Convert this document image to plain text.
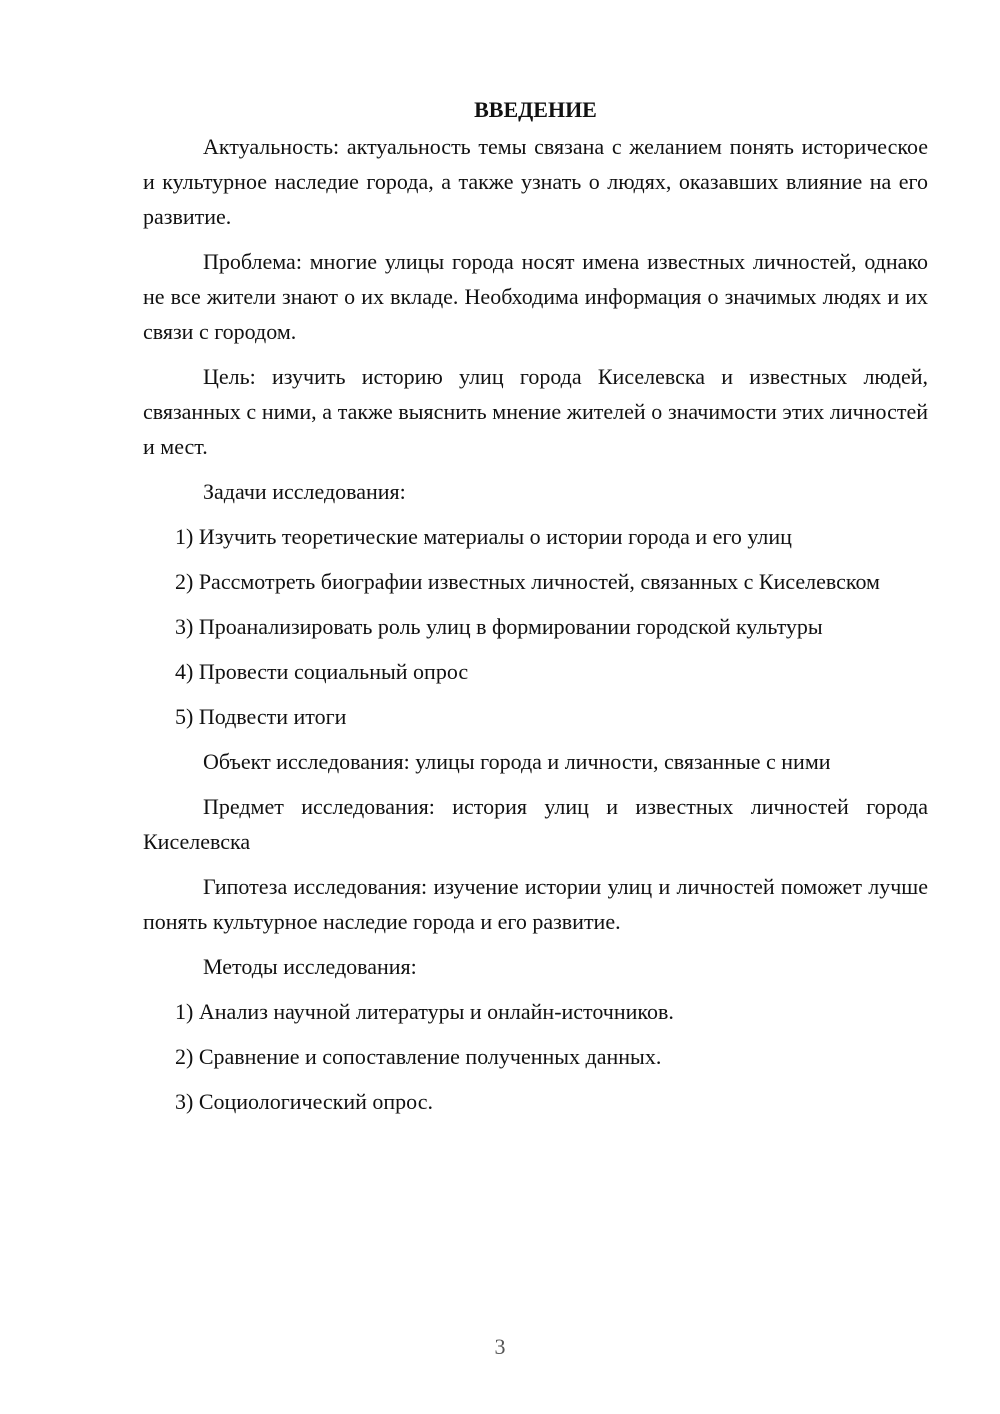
ВВЕДЕНИЕ
Актуальность: актуальность темы связана с желанием понять историческое и культурное наследие города, а также узнать о людях, оказавших влияние на его развитие.
Проблема: многие улицы города носят имена известных личностей, однако не все жители знают о их вкладе. Необходима информация о значимых людях и их связи с городом.
Цель: изучить историю улиц города Киселевска и известных людей, связанных с ними, а также выяснить мнение жителей о значимости этих личностей и мест.
Задачи исследования:
1) Изучить теоретические материалы о истории города и его улиц
2) Рассмотреть биографии известных личностей, связанных с Киселевском
3) Проанализировать роль улиц в формировании городской культуры
4) Провести социальный опрос
5) Подвести итоги
Объект исследования: улицы города и личности, связанные с ними
Предмет исследования: история улиц и известных личностей города Киселевска
Гипотеза исследования: изучение истории улиц и личностей поможет лучше понять культурное наследие города и его развитие.
Методы исследования:
1) Анализ научной литературы и онлайн-источников.
2) Сравнение и сопоставление полученных данных.
3) Социологический опрос.
3
